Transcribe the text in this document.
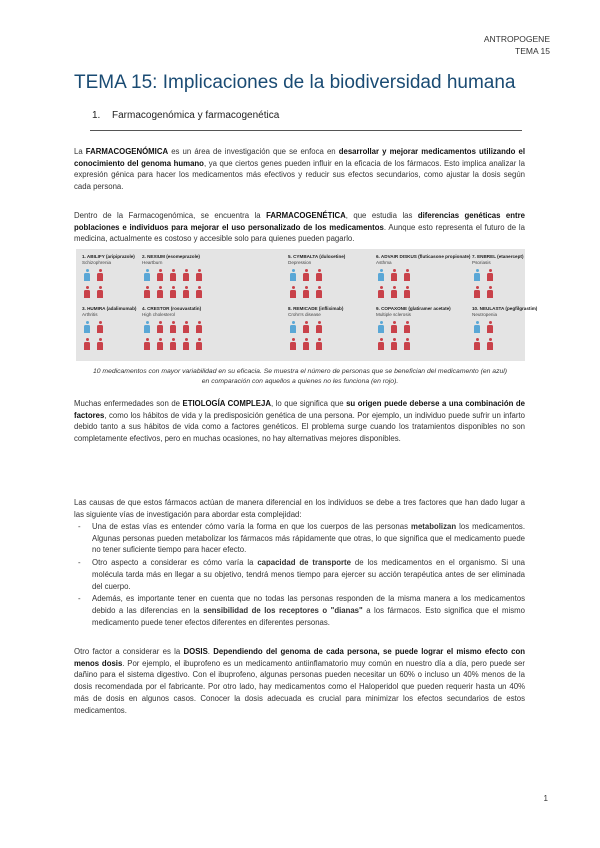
ANTROPOGENE
TEMA 15
TEMA 15: Implicaciones de la biodiversidad humana
1. Farmacogenómica y farmacogenética
La FARMACOGENÓMICA es un área de investigación que se enfoca en desarrollar y mejorar medicamentos utilizando el conocimiento del genoma humano, ya que ciertos genes pueden influir en la eficacia de los fármacos. Esto implica analizar la expresión génica para hacer los medicamentos más efectivos y reducir sus efectos secundarios, como ajustar la dosis según cada persona.
Dentro de la Farmacogenómica, se encuentra la FARMACOGENÉTICA, que estudia las diferencias genéticas entre poblaciones e individuos para mejorar el uso personalizado de los medicamentos. Aunque esto representa el futuro de la medicina, actualmente es costoso y accesible solo para quienes pueden pagarlo.
1. ABILIFY (aripiprazole)
Schizophrenia
2. NEXIUM (esomeprazole)
Heartburn
5. CYMBALTA (duloxetine)
Depression
6. ADVAIR DISKUS (fluticasone propionate)
Asthma
7. ENBREL (etanercept)
Psoriasis
3. HUMIRA (adalimumab)
Arthritis
4. CRESTOR (rosuvastatin)
High cholesterol
8. REMICADE (infliximab)
Crohn's disease
9. COPAXONE (glatiramer acetate)
Multiple sclerosis
10. NEULASTA (pegfilgrastim)
Neutropenia
10 medicamentos con mayor variabilidad en su eficacia. Se muestra el número de personas que se benefician del medicamento (en azul) en comparación con aquellos a quienes no les funciona (en rojo).
Muchas enfermedades son de ETIOLOGÍA COMPLEJA, lo que significa que su origen puede deberse a una combinación de factores, como los hábitos de vida y la predisposición genética de una persona. Por ejemplo, un individuo puede sufrir un infarto debido tanto a sus hábitos de vida como a factores genéticos. El problema surge cuando los tratamientos disponibles no son completamente efectivos, pero en muchas ocasiones, no hay alternativas mejores disponibles.
Las causas de que estos fármacos actúan de manera diferencial en los individuos se debe a tres factores que han dado lugar a las siguiente vías de investigación para abordar esta complejidad:
- Una de estas vías es entender cómo varía la forma en que los cuerpos de las personas metabolizan los medicamentos. Algunas personas pueden metabolizar los fármacos más rápidamente que otras, lo que significa que el medicamento puede no tener suficiente tiempo para hacer efecto.
- Otro aspecto a considerar es cómo varía la capacidad de transporte de los medicamentos en el organismo. Si una molécula tarda más en llegar a su objetivo, tendrá menos tiempo para ejercer su acción terapéutica antes de ser eliminada del cuerpo.
- Además, es importante tener en cuenta que no todas las personas responden de la misma manera a los medicamentos debido a las diferencias en la sensibilidad de los receptores o "dianas" a los fármacos. Esto significa que el mismo medicamento puede tener efectos diferentes en diferentes personas.
Otro factor a considerar es la DOSIS. Dependiendo del genoma de cada persona, se puede lograr el mismo efecto con menos dosis. Por ejemplo, el ibuprofeno es un medicamento antiinflamatorio muy común en nuestro día a día, pero puede ser dañino para el sistema digestivo. Con el ibuprofeno, algunas personas pueden necesitar un 60% o incluso un 40% menos de la dosis recomendada por el fabricante. Por otro lado, hay medicamentos como el Haloperidol que pueden requerir hasta un 40% más de dosis en algunos casos. Conocer la dosis adecuada es crucial para minimizar los efectos secundarios de estos medicamentos.
1
